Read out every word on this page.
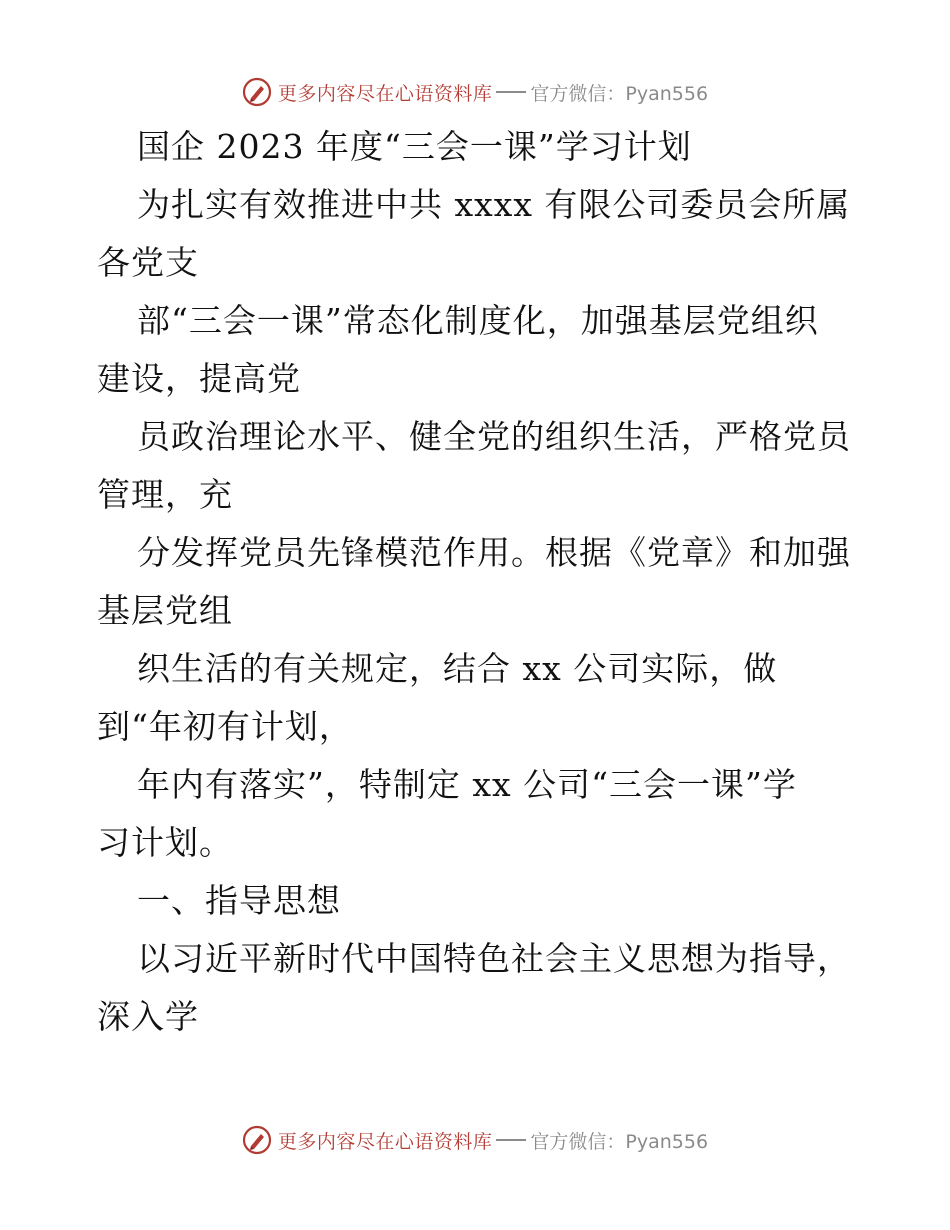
更多内容尽在心语资料库 官方微信：Pyan556
国企 2023 年度“三会一课”学习计划
为扎实有效推进中共 xxxx 有限公司委员会所属
各党支
部“三会一课”常态化制度化，加强基层党组织
建设，提高党
员政治理论水平、健全党的组织生活，严格党员
管理，充
分发挥党员先锋模范作用。根据《党章》和加强
基层党组
织生活的有关规定，结合 xx 公司实际，做
到“年初有计划，
年内有落实”，特制定 xx 公司“三会一课”学
习计划。
一、指导思想
以习近平新时代中国特色社会主义思想为指导，
深入学
更多内容尽在心语资料库 官方微信：Pyan556
